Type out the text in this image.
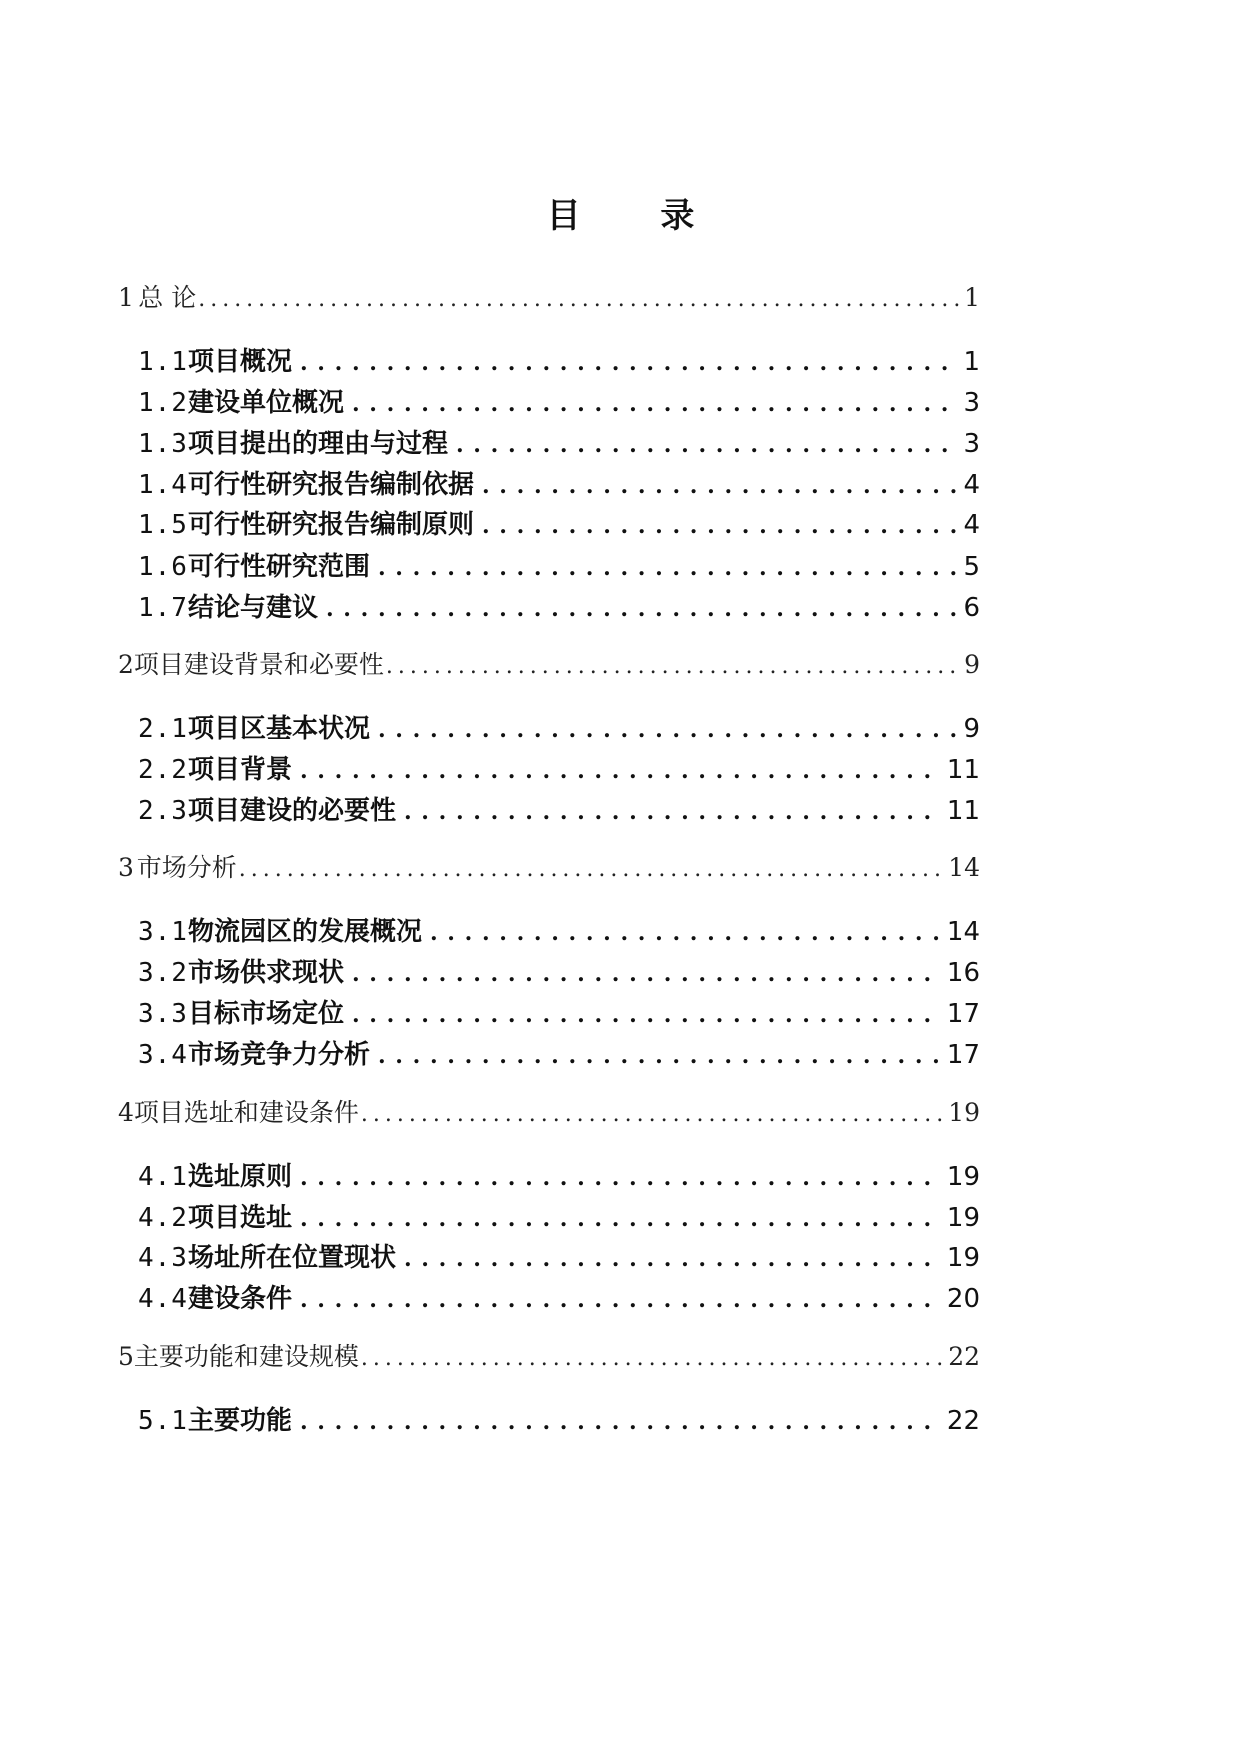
目 录
1 总 论 . . .	1
1.1 项目概况 . . .	1
1.2 建设单位概况 . . .	3
1.3 项目提出的理由与过程 . . .	3
1.4 可行性研究报告编制依据 . . .	4
1.5 可行性研究报告编制原则 . . .	4
1.6 可行性研究范围 . . .	5
1.7 结论与建议 . . .	6
2 项目建设背景和必要性 . . .	9
2.1 项目区基本状况 . . .	9
2.2 项目背景 . . .	11
2.3 项目建设的必要性 . . .	11
3 市场分析 . . .	14
3.1 物流园区的发展概况 . . .	14
3.2 市场供求现状 . . .	16
3.3 目标市场定位 . . .	17
3.4 市场竞争力分析 . . .	17
4 项目选址和建设条件 . . .	19
4.1 选址原则 . . .	19
4.2 项目选址 . . .	19
4.3 场址所在位置现状 . . .	19
4.4 建设条件 . . .	20
5 主要功能和建设规模 . . .	22
5.1 主要功能 . . .	22
